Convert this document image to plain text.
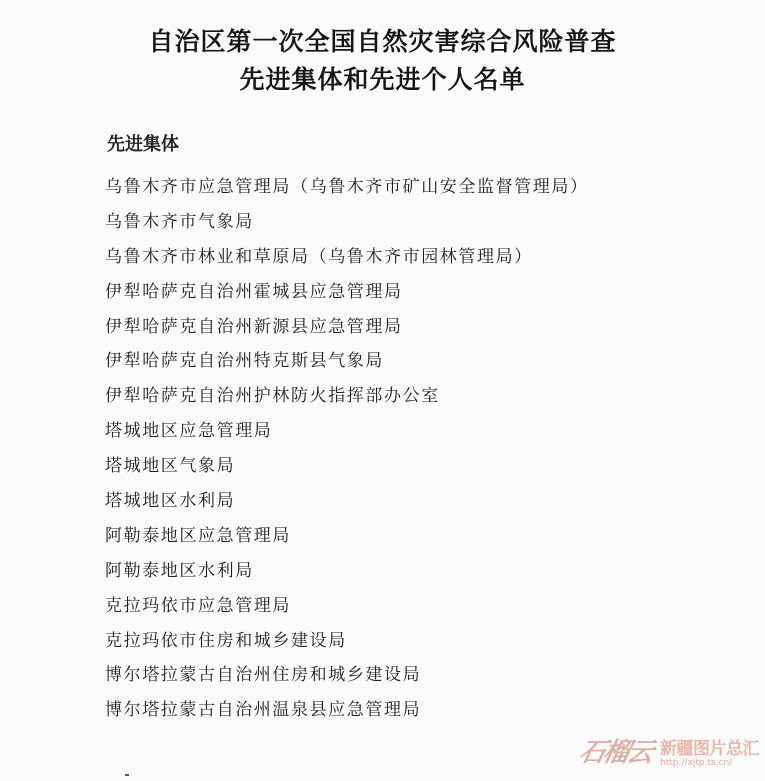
自治区第一次全国自然灾害综合风险普查
先进集体和先进个人名单
先进集体
乌鲁木齐市应急管理局（乌鲁木齐市矿山安全监督管理局）
乌鲁木齐市气象局
乌鲁木齐市林业和草原局（乌鲁木齐市园林管理局）
伊犁哈萨克自治州霍城县应急管理局
伊犁哈萨克自治州新源县应急管理局
伊犁哈萨克自治州特克斯县气象局
伊犁哈萨克自治州护林防火指挥部办公室
塔城地区应急管理局
塔城地区气象局
塔城地区水利局
阿勒泰地区应急管理局
阿勒泰地区水利局
克拉玛依市应急管理局
克拉玛依市住房和城乡建设局
博尔塔拉蒙古自治州住房和城乡建设局
博尔塔拉蒙古自治州温泉县应急管理局
石榴云 新疆图片总汇
http://xjtp.ts.cn/
